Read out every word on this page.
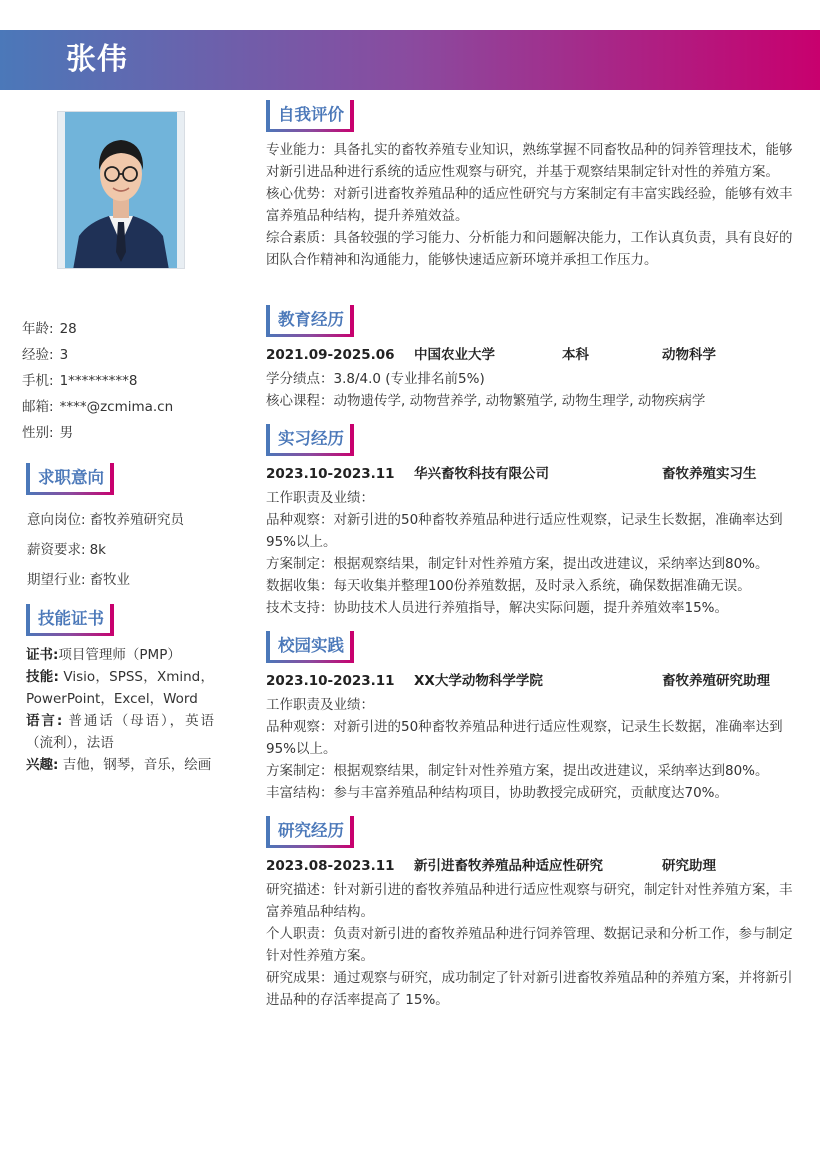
张伟
年龄: 28
经验: 3
手机: 1*********8
邮箱: ****@zcmima.cn
性别: 男
求职意向
意向岗位: 畜牧养殖研究员
薪资要求: 8k
期望行业: 畜牧业
技能证书
证书:项目管理师（PMP）
技能: Visio，SPSS，Xmind，PowerPoint，Excel，Word
语言: 普通话（母语），英语（流利），法语
兴趣: 吉他，钢琴，音乐，绘画
自我评价

专业能力：具备扎实的畜牧养殖专业知识，熟练掌握不同畜牧品种的饲养管理技术，能够对新引进品种进行系统的适应性观察与研究，并基于观察结果制定针对性的养殖方案。

核心优势：对新引进畜牧养殖品种的适应性研究与方案制定有丰富实践经验，能够有效丰富养殖品种结构，提升养殖效益。

综合素质：具备较强的学习能力、分析能力和问题解决能力，工作认真负责，具有良好的团队合作精神和沟通能力，能够快速适应新环境并承担工作压力。

教育经历
2021.09-2025.06 中国农业大学	本科	动物科学

学分绩点：3.8/4.0 (专业排名前5%)

核心课程：动物遗传学, 动物营养学, 动物繁殖学, 动物生理学, 动物疾病学

实习经历
2023.10-2023.11 华兴畜牧科技有限公司	畜牧养殖实习生

工作职责及业绩：

品种观察：对新引进的50种畜牧养殖品种进行适应性观察，记录生长数据，准确率达到95%以上。

方案制定：根据观察结果，制定针对性养殖方案，提出改进建议，采纳率达到80%。

数据收集：每天收集并整理100份养殖数据，及时录入系统，确保数据准确无误。

技术支持：协助技术人员进行养殖指导，解决实际问题，提升养殖效率15%。

校园实践
2023.10-2023.11 XX大学动物科学学院	畜牧养殖研究助理

工作职责及业绩：

品种观察：对新引进的50种畜牧养殖品种进行适应性观察，记录生长数据，准确率达到95%以上。

方案制定：根据观察结果，制定针对性养殖方案，提出改进建议，采纳率达到80%。

丰富结构：参与丰富养殖品种结构项目，协助教授完成研究，贡献度达70%。

研究经历
2023.08-2023.11 新引进畜牧养殖品种适应性研究	研究助理

研究描述：针对新引进的畜牧养殖品种进行适应性观察与研究，制定针对性养殖方案，丰富养殖品种结构。

个人职责：负责对新引进的畜牧养殖品种进行饲养管理、数据记录和分析工作，参与制定针对性养殖方案。

研究成果：通过观察与研究，成功制定了针对新引进畜牧养殖品种的养殖方案，并将新引进品种的存活率提高了 15%。
